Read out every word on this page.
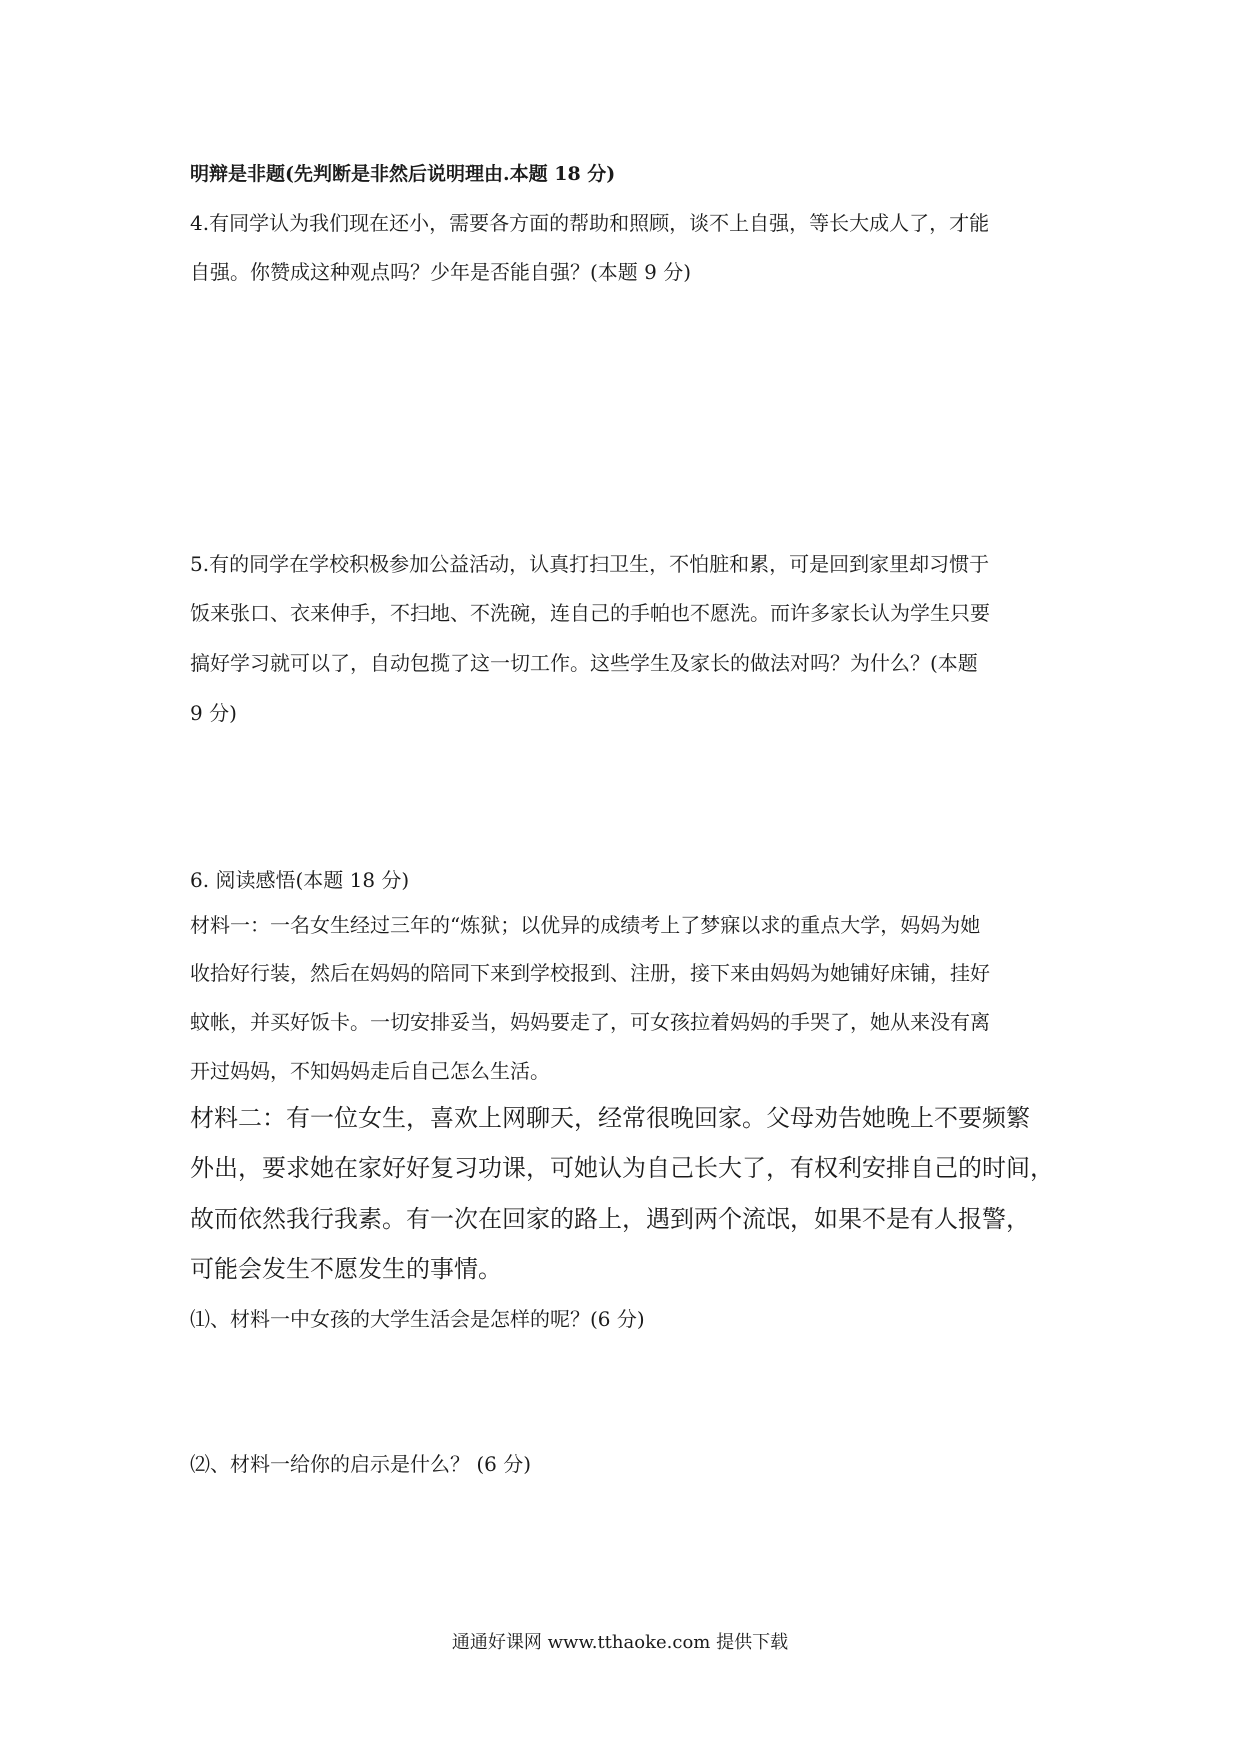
明辩是非题(先判断是非然后说明理由.本题 18 分)
4.有同学认为我们现在还小，需要各方面的帮助和照顾，谈不上自强，等长大成人了，才能
自强。你赞成这种观点吗？少年是否能自强？(本题 9 分)
5.有的同学在学校积极参加公益活动，认真打扫卫生，不怕脏和累，可是回到家里却习惯于
饭来张口、衣来伸手，不扫地、不洗碗，连自己的手帕也不愿洗。而许多家长认为学生只要
搞好学习就可以了，自动包揽了这一切工作。这些学生及家长的做法对吗？为什么？(本题
9 分)
6. 阅读感悟(本题 18 分)
材料一：一名女生经过三年的“炼狱；以优异的成绩考上了梦寐以求的重点大学，妈妈为她
收拾好行装，然后在妈妈的陪同下来到学校报到、注册，接下来由妈妈为她铺好床铺，挂好
蚊帐，并买好饭卡。一切安排妥当，妈妈要走了，可女孩拉着妈妈的手哭了，她从来没有离
开过妈妈，不知妈妈走后自己怎么生活。
材料二：有一位女生，喜欢上网聊天，经常很晚回家。父母劝告她晚上不要频繁
外出，要求她在家好好复习功课，可她认为自己长大了，有权利安排自己的时间，
故而依然我行我素。有一次在回家的路上，遇到两个流氓，如果不是有人报警，
可能会发生不愿发生的事情。
⑴、材料一中女孩的大学生活会是怎样的呢？(6 分)
⑵、材料一给你的启示是什么？ (6 分)
通通好课网 www.tthaoke.com 提供下载
